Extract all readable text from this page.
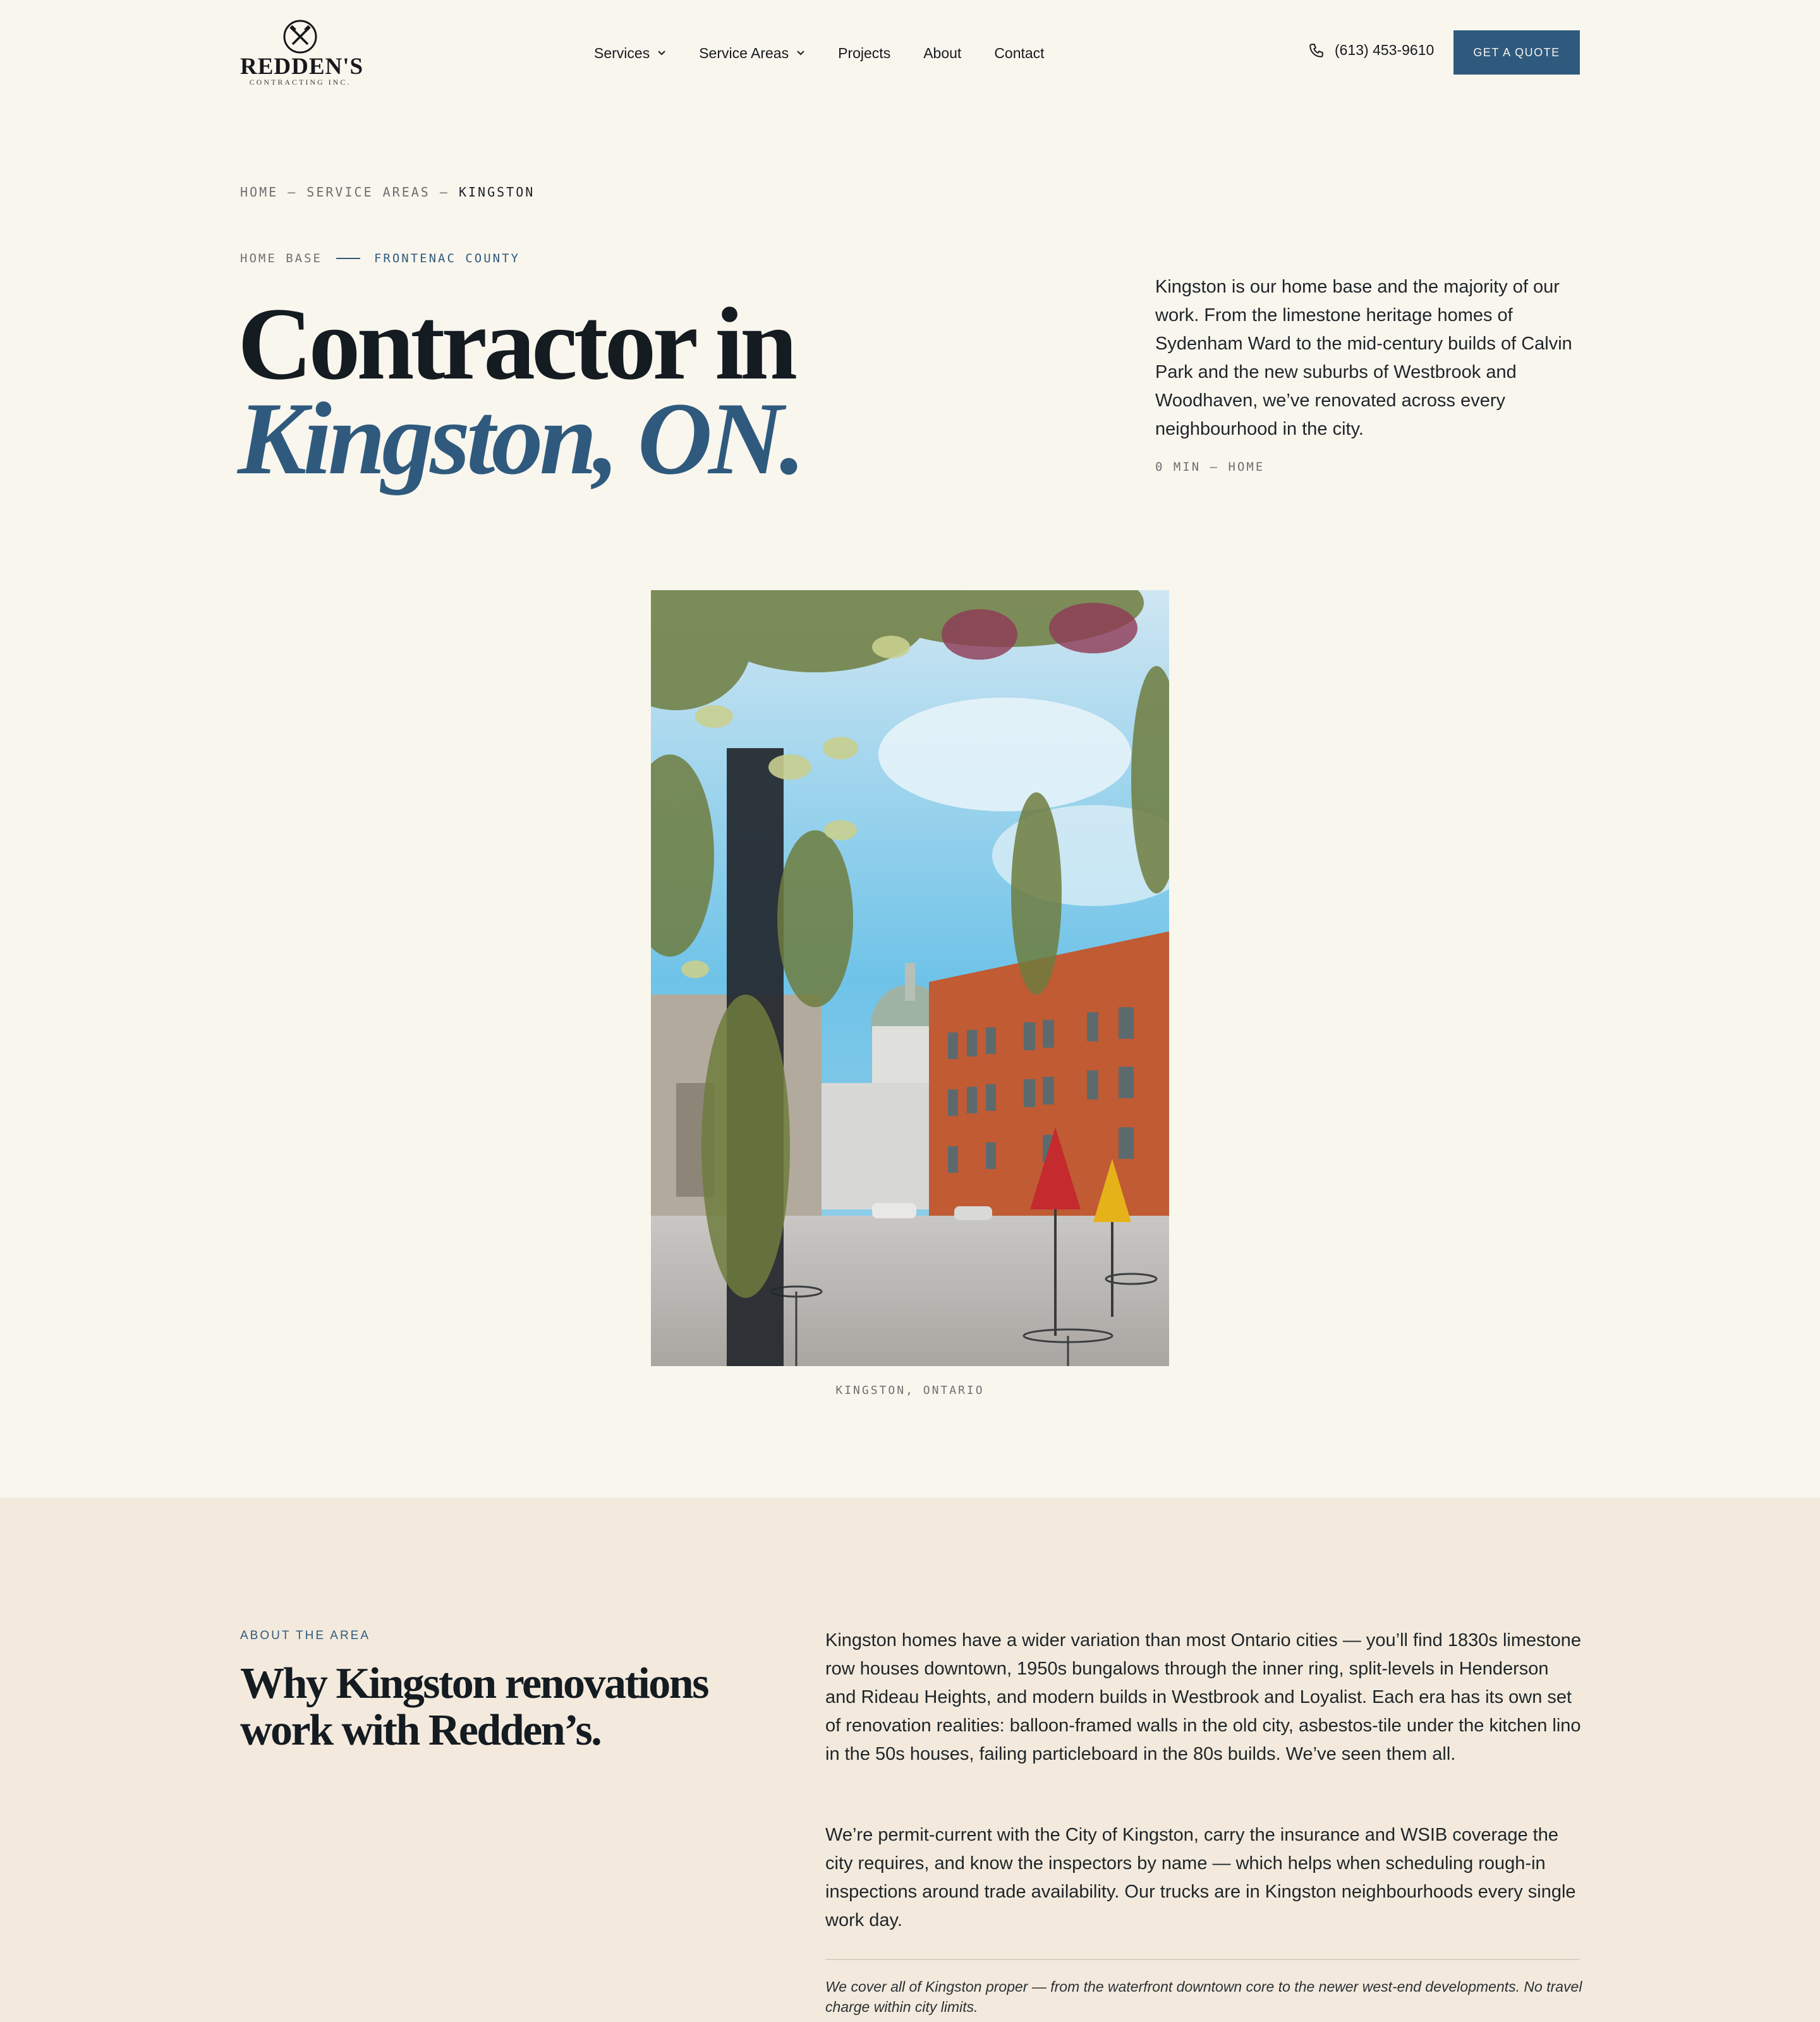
REDDEN'S
CONTRACTING INC.
Services	Service Areas	Projects About Contact	(613) 453-9610	GET A QUOTE
HOME — SERVICE AREAS — KINGSTON
HOME BASE	FRONTENAC COUNTY
Contractor in
Kingston, ON.

Kingston is our home base and the majority of our work. From the limestone heritage homes of Sydenham Ward to the mid-century builds of Calvin Park and the new suburbs of Westbrook and Woodhaven, we’ve renovated across every neighbourhood in the city.

0 MIN — HOME
KINGSTON, ONTARIO
ABOUT THE AREA
Why Kingston renovations work with Redden’s.

Kingston homes have a wider variation than most Ontario cities — you’ll find 1830s limestone row houses downtown, 1950s bungalows through the inner ring, split-levels in Henderson and Rideau Heights, and modern builds in Westbrook and Loyalist. Each era has its own set of renovation realities: balloon-framed walls in the old city, asbestos-tile under the kitchen lino in the 50s houses, failing particleboard in the 80s builds. We’ve seen them all.

We’re permit-current with the City of Kingston, carry the insurance and WSIB coverage the city requires, and know the inspectors by name — which helps when scheduling rough-in inspections around trade availability. Our trucks are in Kingston neighbourhoods every single work day.

We cover all of Kingston proper — from the waterfront downtown core to the newer west-end developments. No travel charge within city limits.
